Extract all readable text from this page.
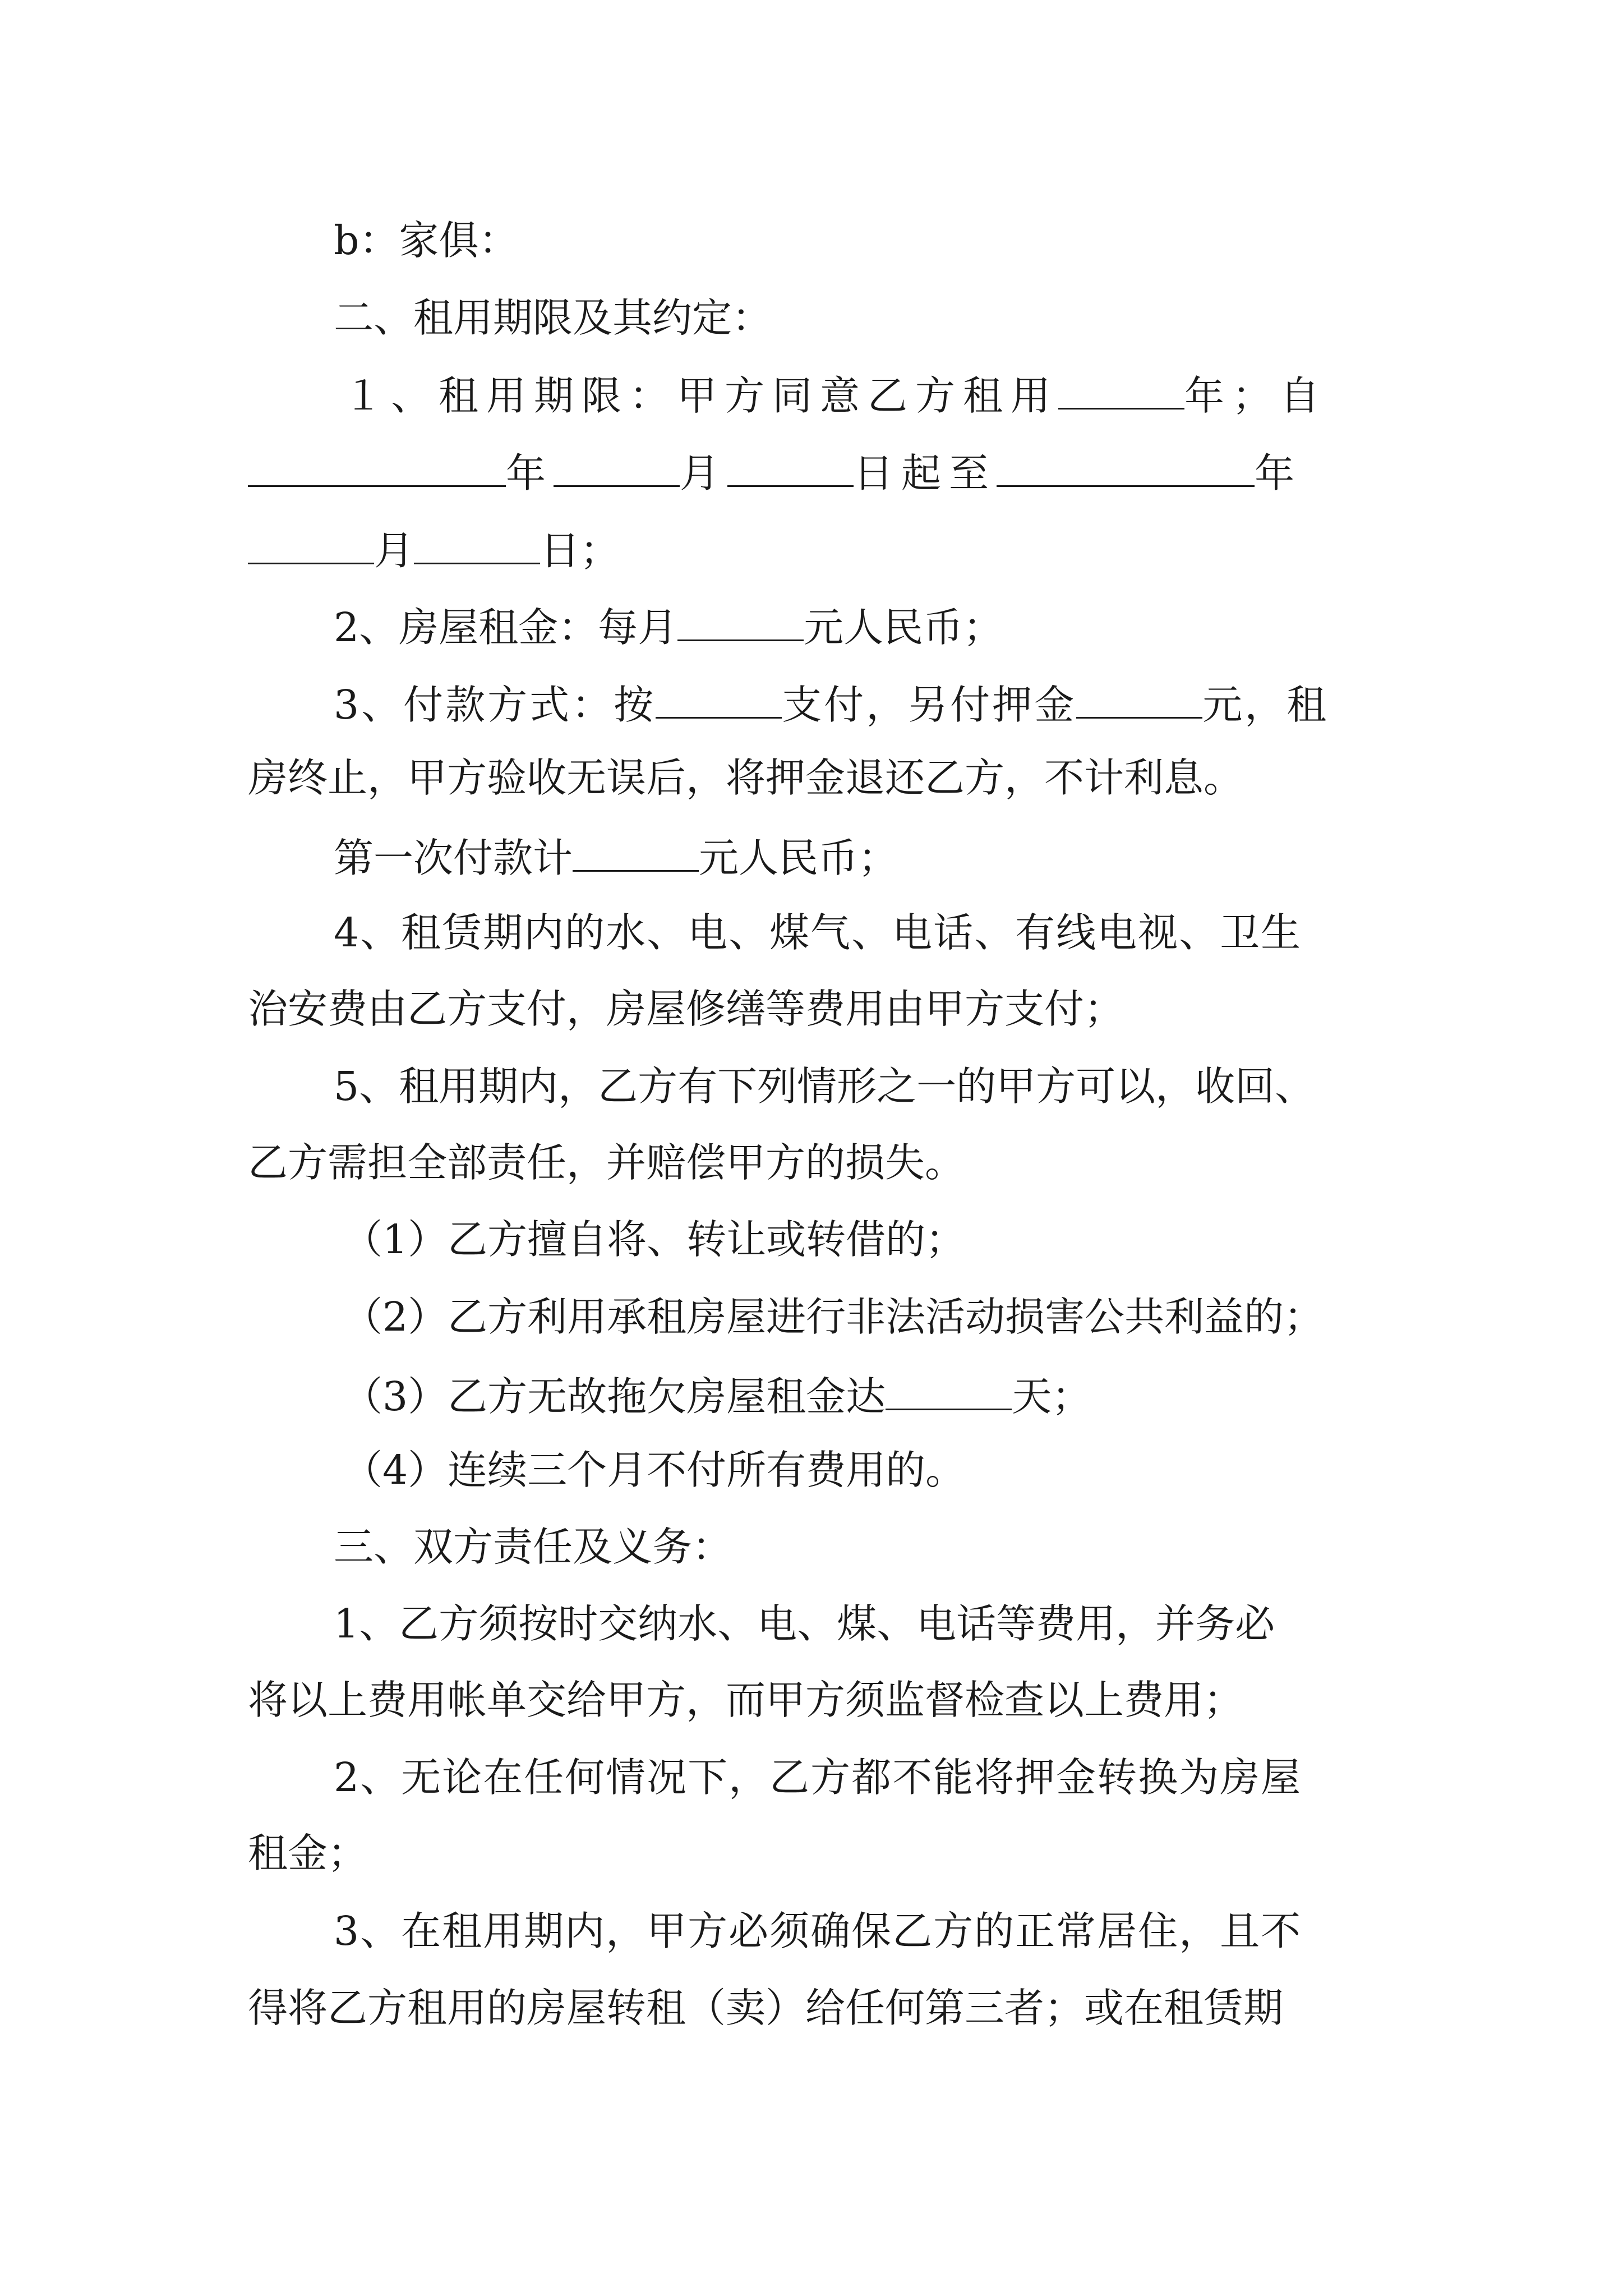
b：家俱：
二、租用期限及其约定：
１、租用期限：甲方同意乙方租用	年；自
年	月	日起至	年
月	日；
2、房屋租金：每月	元人民币；
3、付款方式：按	支付，另付押金	元，租
房终止，甲方验收无误后，将押金退还乙方，不计利息。
第一次付款计	元人民币；
4、租赁期内的水、电、煤气、电话、有线电视、卫生
治安费由乙方支付，房屋修缮等费用由甲方支付；
5、租用期内，乙方有下列情形之一的甲方可以，收回、
乙方需担全部责任，并赔偿甲方的损失。
（1）乙方擅自将、转让或转借的；
（2）乙方利用承租房屋进行非法活动损害公共利益的；
（3）乙方无故拖欠房屋租金达	天；
（4）连续三个月不付所有费用的。
三、双方责任及义务：
1、乙方须按时交纳水、电、煤、电话等费用，并务必
将以上费用帐单交给甲方，而甲方须监督检查以上费用；
2、无论在任何情况下，乙方都不能将押金转换为房屋
租金；
3、在租用期内，甲方必须确保乙方的正常居住，且不
得将乙方租用的房屋转租（卖）给任何第三者；或在租赁期
